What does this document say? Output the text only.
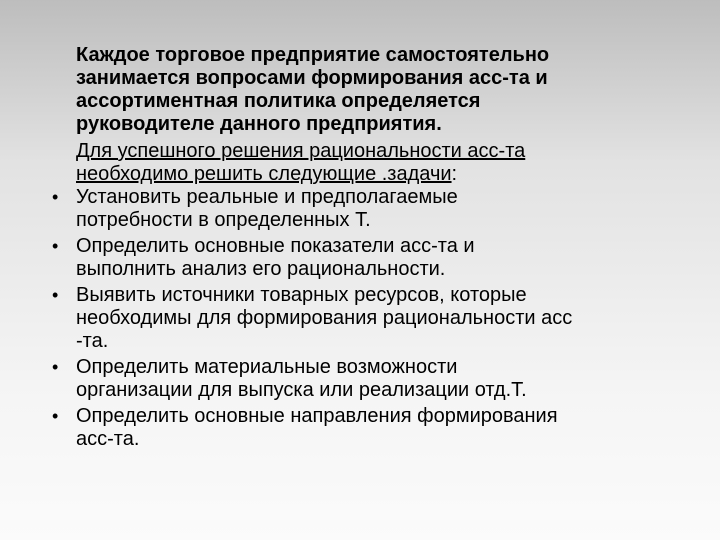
Каждое торговое предприятие самостоятельно
занимается вопросами формирования асс-та и
ассортиментная политика определяется
руководителе данного предприятия.

Для успешного решения рациональности асс-та
необходимо решить следующие .задачи:

• Установить реальные и предполагаемые
потребности в определенных Т.
• Определить основные показатели асс-та и
выполнить анализ его рациональности.
• Выявить источники товарных ресурсов, которые
необходимы для формирования рациональности асс
-та.
• Определить материальные возможности
организации для выпуска или реализации отд.Т.
• Определить основные направления формирования
асс-та.
